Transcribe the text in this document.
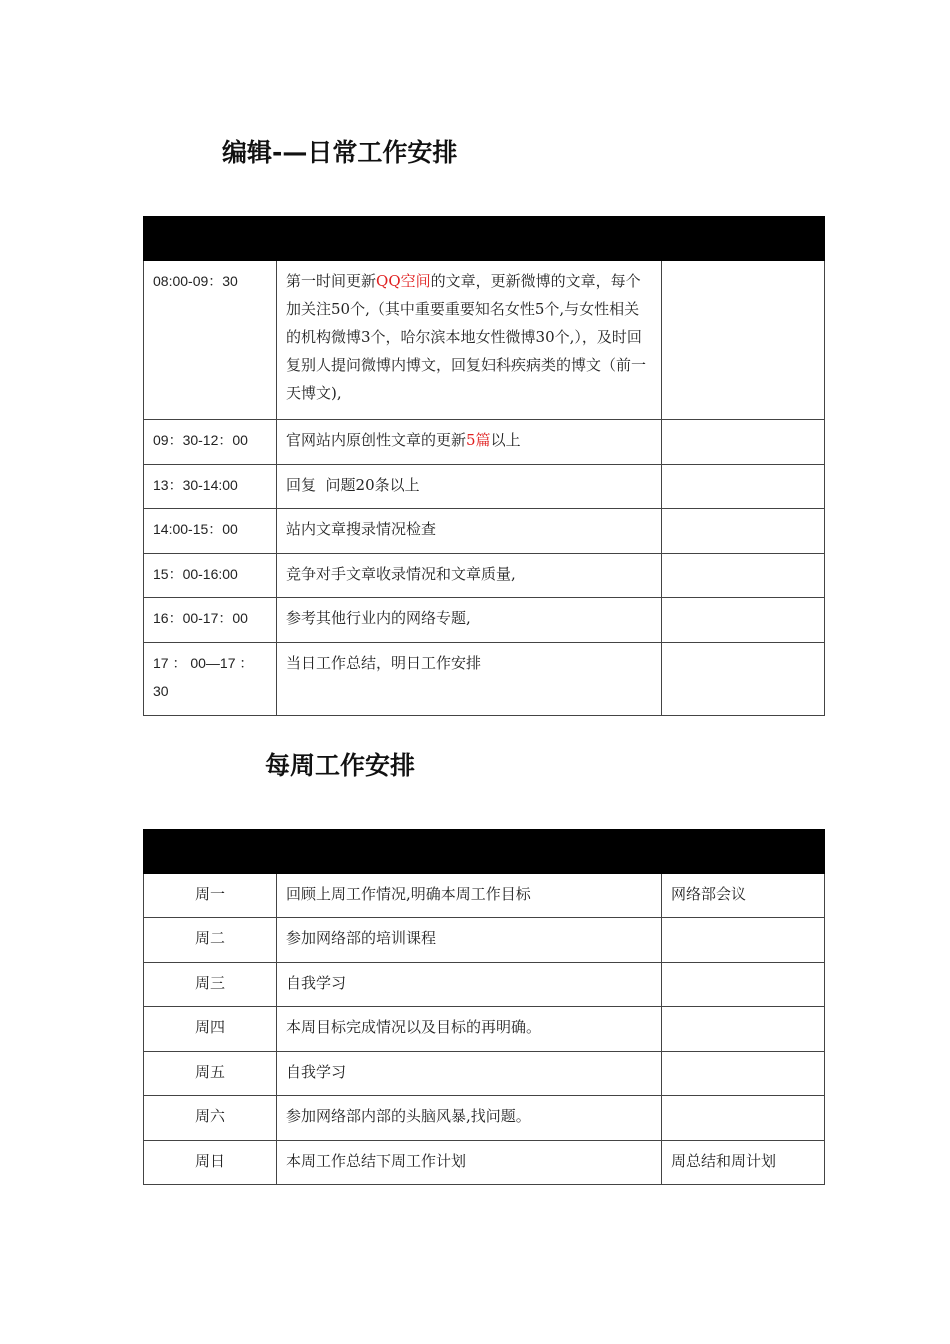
编辑-—日常工作安排

08:00-09：30	第一时间更新QQ空间的文章，更新微博的文章，每个加关注50个,（其中重要重要知名女性5个,与女性相关的机构微博3个，哈尔滨本地女性微博30个,），及时回复别人提问微博内博文，回复妇科疾病类的博文（前一天博文),	
09：30-12：00	官网站内原创性文章的更新5篇以上	
13：30-14:00	回复  问题20条以上	
14:00-15：00	站内文章搜录情况检查	
15：00-16:00	竞争对手文章收录情况和文章质量,	
16：00-17：00	参考其他行业内的网络专题,	
17 ： 00—17 ：30	当日工作总结，明日工作安排	
每周工作安排

周一	回顾上周工作情况,明确本周工作目标	网络部会议
周二	参加网络部的培训课程	
周三	自我学习	
周四	本周目标完成情况以及目标的再明确。	
周五	自我学习	
周六	参加网络部内部的头脑风暴,找问题。	
周日	本周工作总结下周工作计划	周总结和周计划
